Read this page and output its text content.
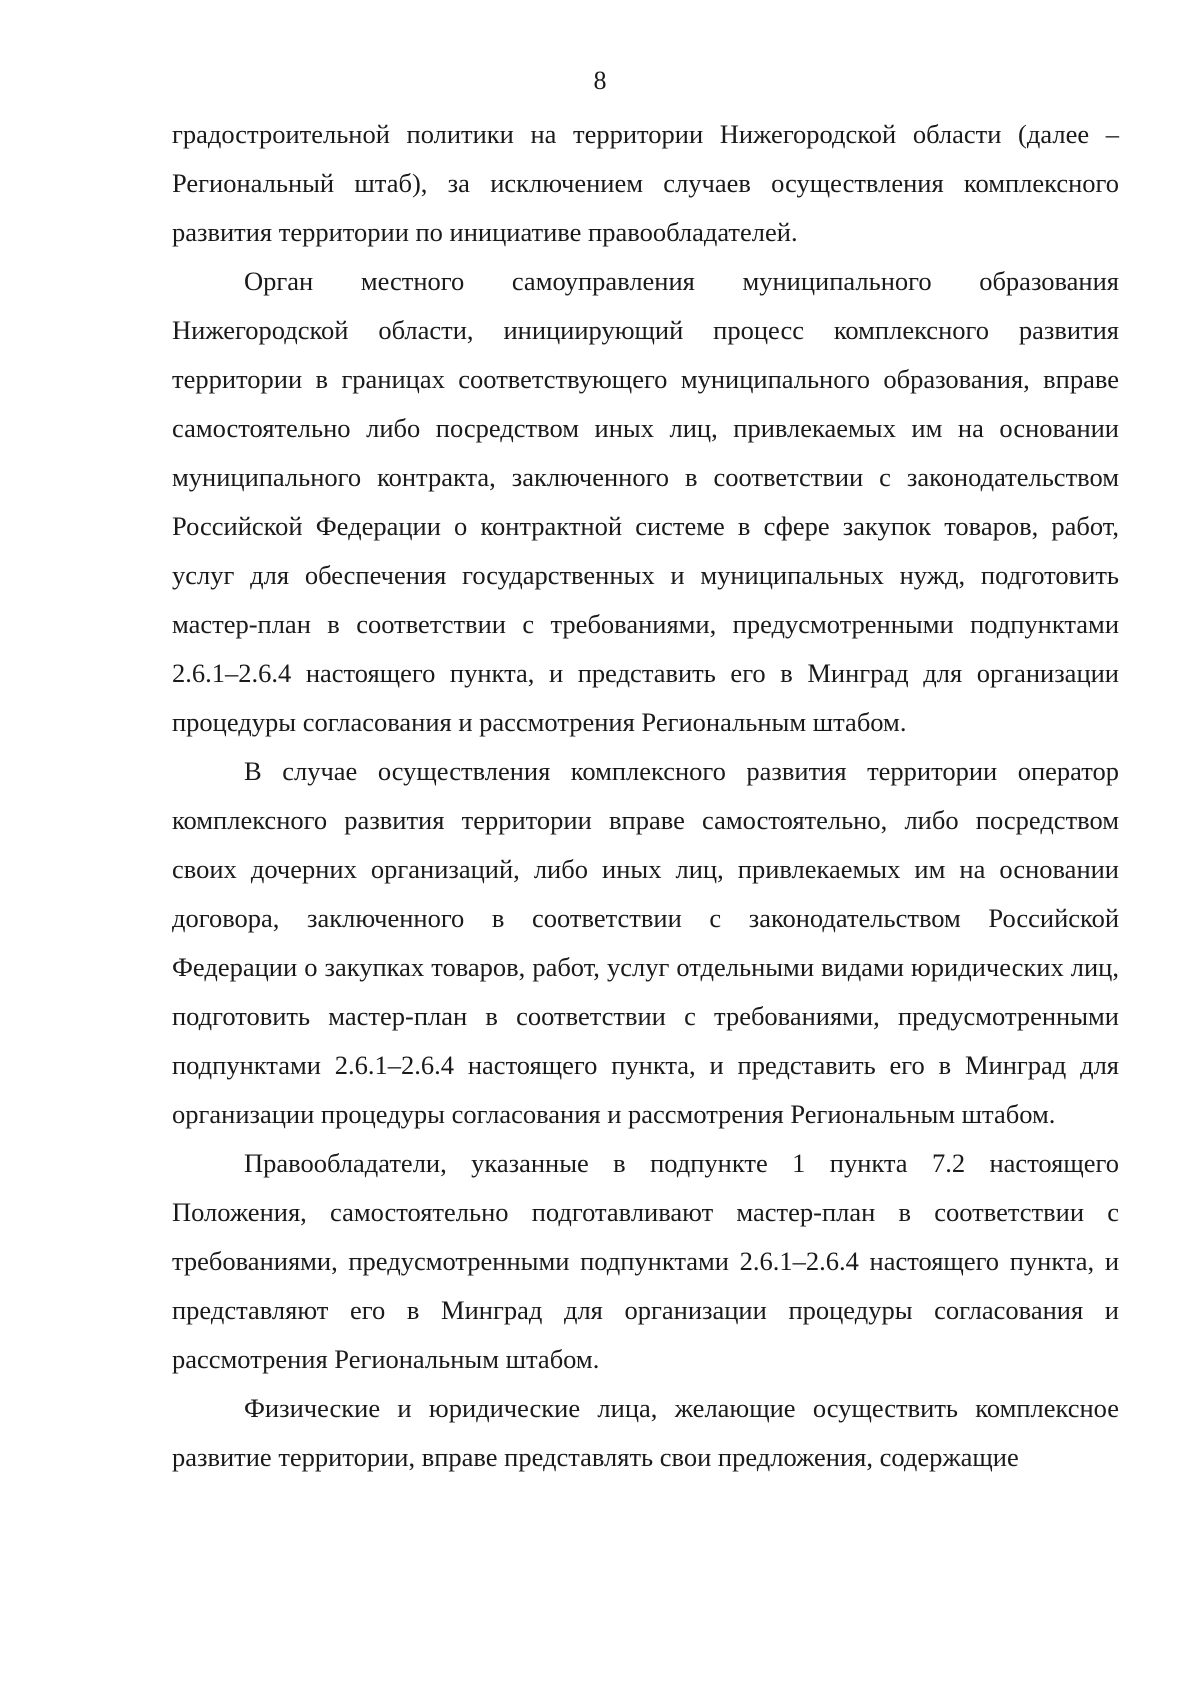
8

градостроительной политики на территории Нижегородской области (далее – Региональный штаб), за исключением случаев осуществления комплексного развития территории по инициативе правообладателей.

Орган местного самоуправления муниципального образования Нижегородской области, инициирующий процесс комплексного развития территории в границах соответствующего муниципального образования, вправе самостоятельно либо посредством иных лиц, привлекаемых им на основании муниципального контракта, заключенного в соответствии с законодательством Российской Федерации о контрактной системе в сфере закупок товаров, работ, услуг для обеспечения государственных и муниципальных нужд, подготовить мастер-план в соответствии с требованиями, предусмотренными подпунктами 2.6.1–2.6.4 настоящего пункта, и представить его в Минград для организации процедуры согласования и рассмотрения Региональным штабом.

В случае осуществления комплексного развития территории оператор комплексного развития территории вправе самостоятельно, либо посредством своих дочерних организаций, либо иных лиц, привлекаемых им на основании договора, заключенного в соответствии с законодательством Российской Федерации о закупках товаров, работ, услуг отдельными видами юридических лиц, подготовить мастер-план в соответствии с требованиями, предусмотренными подпунктами 2.6.1–2.6.4 настоящего пункта, и представить его в Минград для организации процедуры согласования и рассмотрения Региональным штабом.

Правообладатели, указанные в подпункте 1 пункта 7.2 настоящего Положения, самостоятельно подготавливают мастер-план в соответствии с требованиями, предусмотренными подпунктами 2.6.1–2.6.4 настоящего пункта, и представляют его в Минград для организации процедуры согласования и рассмотрения Региональным штабом.

Физические и юридические лица, желающие осуществить комплексное развитие территории, вправе представлять свои предложения, содержащие
